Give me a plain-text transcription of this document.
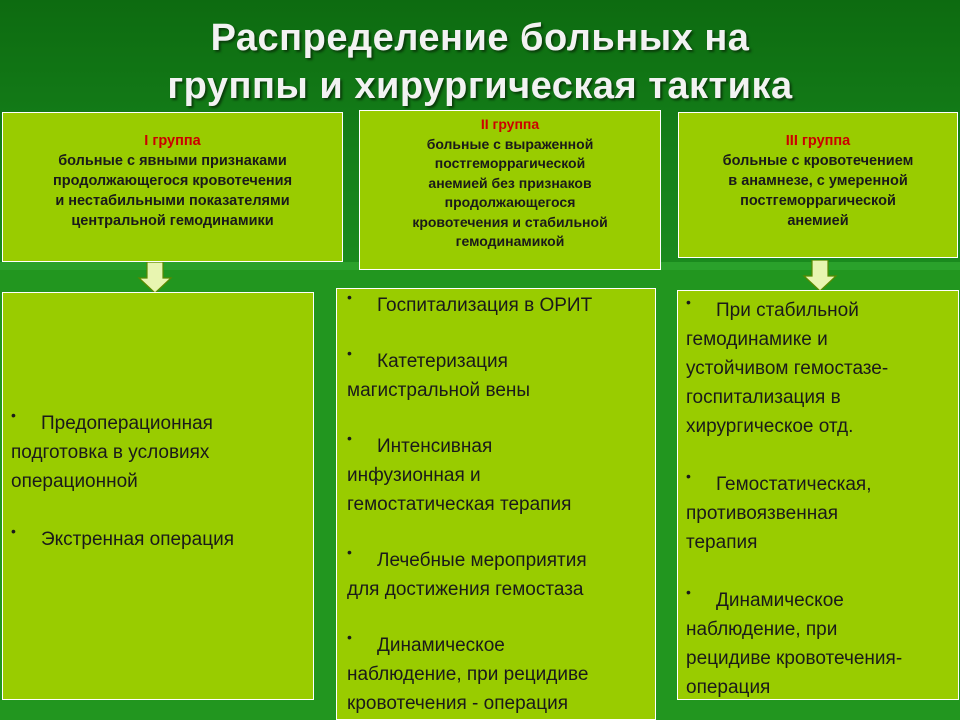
Распределение больных на
группы и хирургическая тактика
I группа
больные с явными признаками
продолжающегося кровотечения
и нестабильными показателями
центральной гемодинамики
II группа
больные с выраженной
постгеморрагической
анемией без признаков
продолжающегося
кровотечения и стабильной
гемодинамикой
III группа
больные с кровотечением
в анамнезе, с умеренной
постгеморрагической
анемией
•	Предоперационная
подготовка в условиях
операционной
•	Экстренная операция
•	Госпитализация в ОРИТ
•	Катетеризация
магистральной вены
•	Интенсивная
инфузионная и
гемостатическая терапия
•	Лечебные мероприятия
для достижения гемостаза
•	Динамическое
наблюдение, при рецидиве
кровотечения - операция
•	При стабильной
гемодинамике и
устойчивом гемостазе-
госпитализация в
хирургическое отд.
•	Гемостатическая,
противоязвенная
терапия
•	Динамическое
наблюдение, при
рецидиве кровотечения-
операция
